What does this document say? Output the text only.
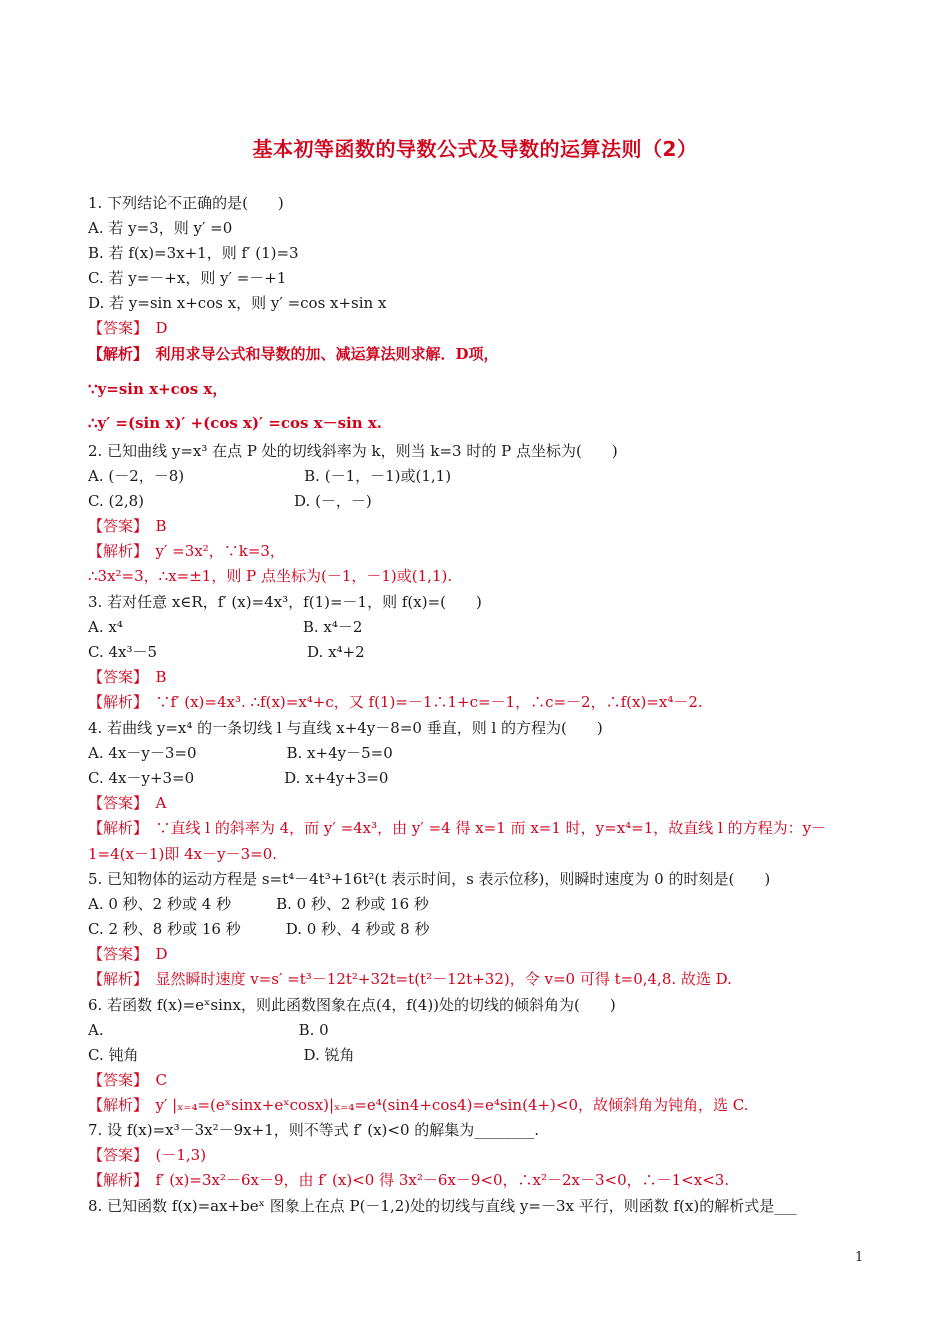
基本初等函数的导数公式及导数的运算法则（2）
1. 下列结论不正确的是(　　)
A. 若 y=3，则 y′ =0
B. 若 f(x)=3x+1，则 f′ (1)=3
C. 若 y=－+x，则 y′ =－+1
D. 若 y=sin x+cos x，则 y′ =cos x+sin x
【答案】　D
【解析】　利用求导公式和导数的加、减运算法则求解．D项，
∵y=sin x+cos x，
∴y′ =(sin x)′ +(cos x)′ =cos x－sin x.
2. 已知曲线 y=x³ 在点 P 处的切线斜率为 k，则当 k=3 时的 P 点坐标为(　　)
A. (－2，－8)　　　　　　　　B. (－1，－1)或(1,1)
C. (2,8)　　　　　　　　　　D. (－，－)
【答案】　B
【解析】　y′ =3x²，∵k=3，
∴3x²=3，∴x=±1，则 P 点坐标为(－1，－1)或(1,1).
3. 若对任意 x∈R，f′ (x)=4x³，f(1)=－1，则 f(x)=(　　)
A. x⁴　　　　　　　　　　　　B. x⁴－2
C. 4x³－5　　　　　　　　　　D. x⁴+2
【答案】　B
【解析】　∵f′ (x)=4x³. ∴f(x)=x⁴+c，又 f(1)=－1∴1+c=－1，∴c=－2，∴f(x)=x⁴－2.
4. 若曲线 y=x⁴ 的一条切线 l 与直线 x+4y－8=0 垂直，则 l 的方程为(　　)
A. 4x－y－3=0　　　　　　B. x+4y－5=0
C. 4x－y+3=0　　　　　　D. x+4y+3=0
【答案】　A
【解析】　∵直线 l 的斜率为 4，而 y′ =4x³，由 y′ =4 得 x=1 而 x=1 时，y=x⁴=1，故直线 l 的方程为：y－
1=4(x－1)即 4x－y－3=0.
5. 已知物体的运动方程是 s=t⁴－4t³+16t²(t 表示时间，s 表示位移)，则瞬时速度为 0 的时刻是(　　)
A. 0 秒、2 秒或 4 秒　　　B. 0 秒、2 秒或 16 秒
C. 2 秒、8 秒或 16 秒　　　D. 0 秒、4 秒或 8 秒
【答案】　D
【解析】　显然瞬时速度 v=s′ =t³－12t²+32t=t(t²－12t+32)，令 v=0 可得 t=0,4,8. 故选 D.
6. 若函数 f(x)=eˣsinx，则此函数图象在点(4，f(4))处的切线的倾斜角为(　　)
A.　　　　　　　　　　　　　B. 0
C. 钝角　　　　　　　　　　　D. 锐角
【答案】　C
【解析】　y′ |ₓ₌₄=(eˣsinx+eˣcosx)|ₓ₌₄=e⁴(sin4+cos4)=e⁴sin(4+)<0，故倾斜角为钝角，选 C.
7. 设 f(x)=x³－3x²－9x+1，则不等式 f′ (x)<0 的解集为________.
【答案】　(－1,3)
【解析】　f′ (x)=3x²－6x－9，由 f′ (x)<0 得 3x²－6x－9<0，∴x²－2x－3<0，∴－1<x<3.
8. 已知函数 f(x)=ax+beˣ 图象上在点 P(－1,2)处的切线与直线 y=－3x 平行，则函数 f(x)的解析式是___
1
